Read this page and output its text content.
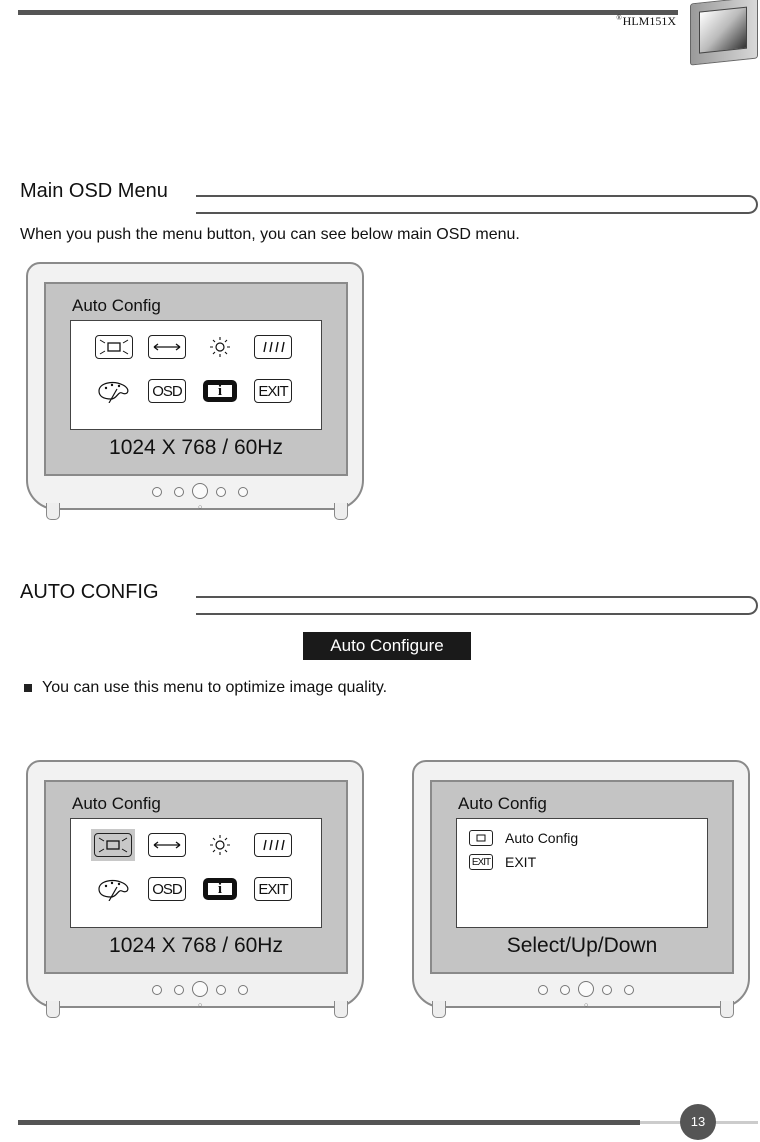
®HLM151X
Main OSD Menu
When you push the menu button, you can see below main OSD menu.
Auto Config
OSD	i	EXIT
1024 X 768 / 60Hz
○
AUTO CONFIG
Auto Configure
You can use this menu to optimize image quality.
Auto Config
OSD	i	EXIT
1024 X 768 / 60Hz
○
Auto Config
Auto Config
EXIT EXIT
Select/Up/Down
○
13
